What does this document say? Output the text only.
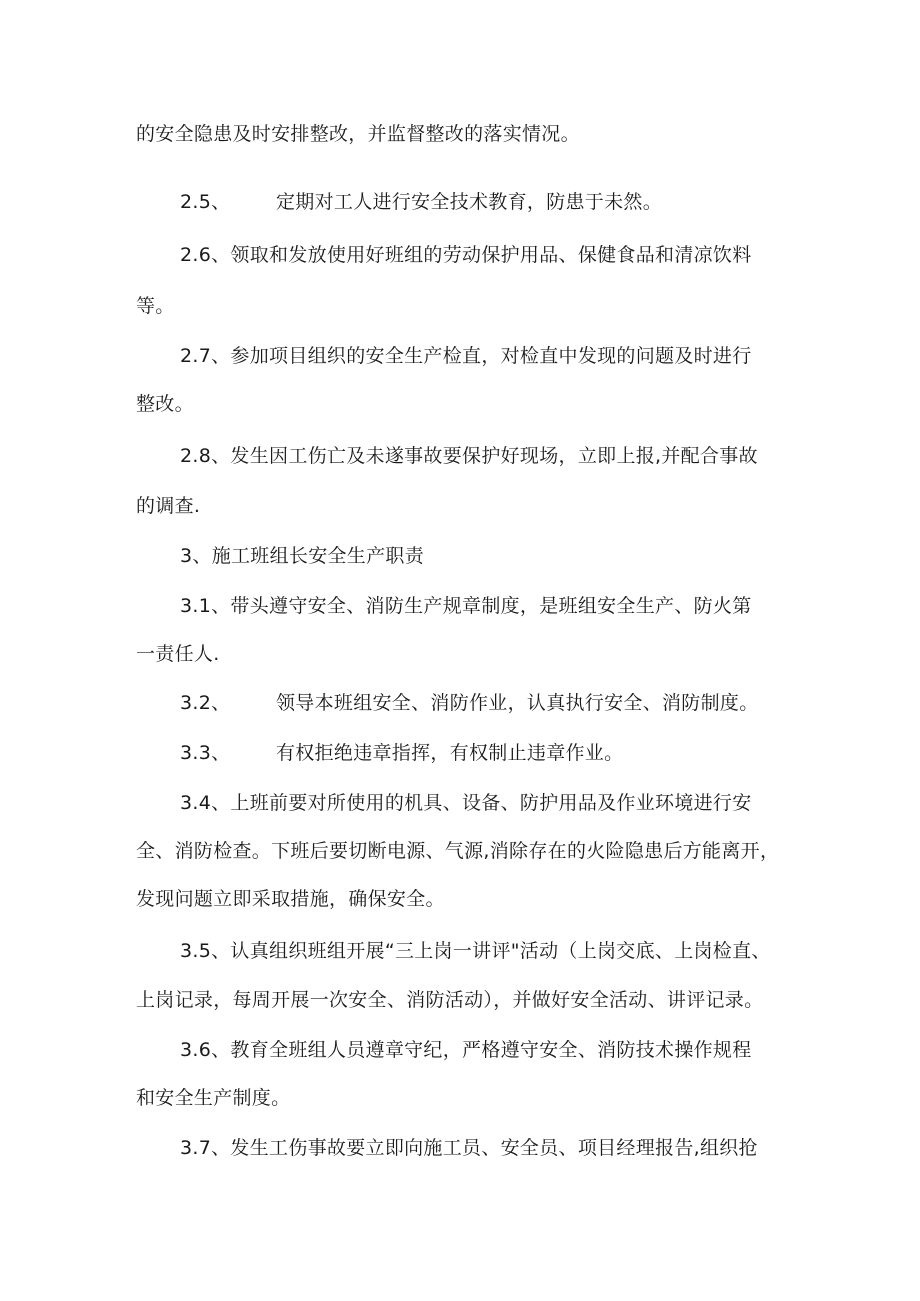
的安全隐患及时安排整改，并监督整改的落实情况。
2.5、 定期对工人进行安全技术教育，防患于未然。
2.6、领取和发放使用好班组的劳动保护用品、保健食品和清凉饮料
等。
2.7、参加项目组织的安全生产检直，对检直中发现的问题及时进行
整改。
2.8、发生因工伤亡及未遂事故要保护好现场，立即上报,并配合事故
的调查.
3、施工班组长安全生产职责
3.1、带头遵守安全、消防生产规章制度，是班组安全生产、防火第
一责任人.
3.2、 领导本班组安全、消防作业，认真执行安全、消防制度。
3.3、 有权拒绝违章指挥，有权制止违章作业。
3.4、上班前要对所使用的机具、设备、防护用品及作业环境进行安
全、消防检查。下班后要切断电源、气源,消除存在的火险隐患后方能离开，
发现问题立即采取措施，确保安全。
3.5、认真组织班组开展“三上岗一讲评"活动（上岗交底、上岗检直、
上岗记录，每周开展一次安全、消防活动），并做好安全活动、讲评记录。
3.6、教育全班组人员遵章守纪，严格遵守安全、消防技术操作规程
和安全生产制度。
3.7、发生工伤事故要立即向施工员、安全员、项目经理报告,组织抢
